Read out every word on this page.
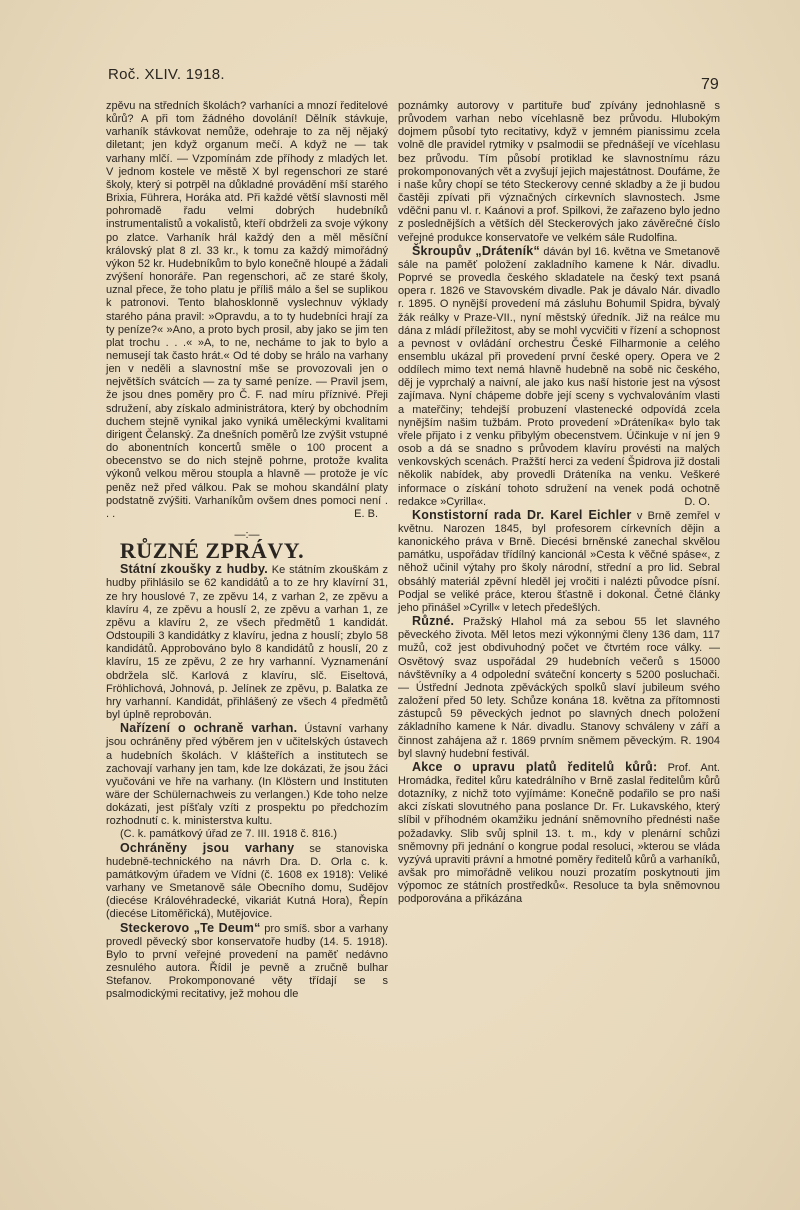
Roč. XLIV. 1918.
79

zpěvu na středních školách? varhaníci a mnozí ředitelové kůrů? A při tom žádného dovolání! Dělník stávkuje, varhaník stávkovat nemůže, odehraje to za něj nějaký diletant; jen když organum mečí. A když ne — tak varhany mlčí. — Vzpomínám zde příhody z mladých let. V jednom kostele ve městě X byl regenschori ze staré školy, který si potrpěl na důkladné provádění mší starého Brixia, Führera, Horáka atd. Při každé větší slavnosti měl pohromadě řadu velmi dobrých hudebníků instrumentalistů a vokalistů, kteří obdrželi za svoje výkony po zlatce. Varhaník hrál každý den a měl měsíční královský plat 8 zl. 33 kr., k tomu za každý mimořádný výkon 52 kr. Hudebníkům to bylo konečně hloupé a žádali zvýšení honoráře. Pan regenschori, ač ze staré školy, uznal přece, že toho platu je příliš málo a šel se suplikou k patronovi. Tento blahosklonně vyslechnuv výklady starého pána pravil: »Opravdu, a to ty hudebníci hrají za ty peníze?« »Ano, a proto bych prosil, aby jako se jim ten plat trochu . . .« »A, to ne, necháme to jak to bylo a nemusejí tak často hrát.« Od té doby se hrálo na varhany jen v neděli a slavnostní mše se provozovali jen o největších svátcích — za ty samé peníze. — Pravil jsem, že jsou dnes poměry pro Č. F. nad míru příznivé. Přeji sdružení, aby získalo administrátora, který by obchodním duchem stejně vynikal jako vyniká uměleckými kvalitami dirigent Čelanský. Za dnešních poměrů lze zvýšit vstupné do abonentních koncertů směle o 100 procent a obecenstvo se do nich stejně pohrne, protože kvalita výkonů velkou měrou stoupla a hlavně — protože je víc peněz než před válkou. Pak se mohou skandální platy podstatně zvýšiti. Varhaníkům ovšem dnes pomoci není . . .	E. B.

—:—
RŮZNÉ ZPRÁVY.

Státní zkoušky z hudby. Ke státním zkouškám z hudby přihlásilo se 62 kandidátů a to ze hry klavírní 31, ze hry houslové 7, ze zpěvu 14, z varhan 2, ze zpěvu a klavíru 4, ze zpěvu a houslí 2, ze zpěvu a varhan 1, ze zpěvu a klavíru 2, ze všech předmětů 1 kandidát. Odstoupili 3 kandidátky z klavíru, jedna z houslí; zbylo 58 kandidátů. Approbováno bylo 8 kandidátů z houslí, 20 z klavíru, 15 ze zpěvu, 2 ze hry varhanní. Vyznamenání obdržela slč. Karlová z klavíru, slč. Eiseltová, Fröhlichová, Johnová, p. Jelínek ze zpěvu, p. Balatka ze hry varhanní. Kandidát, přihlášený ze všech 4 předmětů byl úplně reprobován.

Nařízení o ochraně varhan. Ústavní varhany jsou ochráněny před výběrem jen v učitelských ústavech a hudebních školách. V klášteřích a institutech se zachovají varhany jen tam, kde lze dokázati, že jsou žáci vyučováni ve hře na varhany. (In Klöstern und Instituten wäre der Schülernachweis zu verlangen.) Kde toho nelze dokázati, jest píšťaly vzíti z prospektu po předchozím rozhodnutí c. k. ministerstva kultu.

(C. k. památkový úřad ze 7. III. 1918 č. 816.)

Ochráněny jsou varhany se stanoviska hudebně-technického na návrh Dra. D. Orla c. k. památkovým úřadem ve Vídni (č. 1608 ex 1918): Veliké varhany ve Smetanově sále Obecního domu, Sudějov (diecése Královéhradecké, vikariát Kutná Hora), Řepín (diecése Litoměřická), Mutějovice.

Steckerovo „Te Deum“ pro smíš. sbor a varhany provedl pěvecký sbor konservatoře hudby (14. 5. 1918). Bylo to první veřejné provedení na paměť nedávno zesnulého autora. Řídil je pevně a zručně bulhar Stefanov. Prokomponované věty třídají se s psalmodickými recitativy, jež mohou dle

poznámky autorovy v partituře buď zpívány jednohlasně s průvodem varhan nebo vícehlasně bez průvodu. Hlubokým dojmem působí tyto recitativy, když v jemném pianissimu zcela volně dle pravidel rytmiky v psalmodii se přednášejí ve vícehlasu bez průvodu. Tím působí protiklad ke slavnostnímu rázu prokomponovaných vět a zvyšují jejich majestátnost. Doufáme, že i naše kůry chopí se této Steckerovy cenné skladby a že ji budou častěji zpívati při význačných církevních slavnostech. Jsme vděčni panu vl. r. Kaánovi a prof. Spilkovi, že zařazeno bylo jedno z poslednějších a větších děl Steckerových jako závěrečné číslo veřejné produkce konservatoře ve velkém sále Rudolfina.

Škroupův „Dráteník“ dáván byl 16. května ve Smetanově sále na paměť položení zakladního kamene k Nár. divadlu. Poprvé se provedla českého skladatele na český text psaná opera r. 1826 ve Stavovském divadle. Pak je dávalo Nár. divadlo r. 1895. O nynější provedení má zásluhu Bohumil Spidra, bývalý žák reálky v Praze-VII., nyní městský úředník. Již na reálce mu dána z mládí příležitost, aby se mohl vycvičiti v řízení a schopnost a pevnost v ovládání orchestru České Filharmonie a celého ensemblu ukázal při provedení první české opery. Opera ve 2 oddílech mimo text nemá hlavně hudebně na sobě nic českého, děj je vyprchalý a naivní, ale jako kus naší historie jest na výsost zajímava. Nyní chápeme dobře její sceny s vychvalováním vlasti a mateřčiny; tehdejší probuzení vlastenecké odpovídá zcela nynějším našim tužbám. Proto provedení »Dráteníka« bylo tak vřele přijato i z venku přibylým obecenstvem. Účinkuje v ní jen 9 osob a dá se snadno s průvodem klavíru provésti na malých venkovských scenách. Pražští herci za vedení Špidrova již dostali několik nabídek, aby provedli Dráteníka na venku. Veškeré informace o získání tohoto sdružení na venek podá ochotně redakce »Cyrilla«.	D. O.

Konstistorní rada Dr. Karel Eichler v Brně zemřel v květnu. Narozen 1845, byl profesorem církevních dějin a kanonického práva v Brně. Diecési brněnské zanechal skvělou památku, uspořádav třídílný kancionál »Cesta k věčné spáse«, z něhož učinil výtahy pro školy národní, střední a pro lid. Sebral obsáhlý materiál zpěvní hleděl jej vročiti i nalézti původce písní. Podjal se veliké práce, kterou šťastně i dokonal. Četné články jeho přinášel »Cyrill« v letech předešlých.

Různé. Pražský Hlahol má za sebou 55 let slavného pěveckého života. Měl letos mezi výkonnými členy 136 dam, 117 mužů, což jest obdivuhodný počet ve čtvrtém roce války. — Osvětový svaz uspořádal 29 hudebních večerů s 15000 návštěvníky a 4 odpolední sváteční koncerty s 5200 posluchači. — Ústřední Jednota zpěváckých spolků slaví jubileum svého založení před 50 lety. Schůze konána 18. května za přítomnosti zástupců 59 pěveckých jednot po slavných dnech položení základního kamene k Nár. divadlu. Stanovy schváleny v září a činnost zahájena až r. 1869 prvním sněmem pěveckým. R. 1904 byl slavný hudební festivál.

Akce o upravu platů ředitelů kůrů: Prof. Ant. Hromádka, ředitel kůru katedrálního v Brně zaslal ředitelům kůrů dotazníky, z nichž toto vyjímáme: Konečně podařilo se pro naši akci získati slovutného pana poslance Dr. Fr. Lukavského, který slíbil v příhodném okamžiku jednání sněmovního přednésti naše požadavky. Slib svůj splnil 13. t. m., kdy v plenární schůzi sněmovny při jednání o kongrue podal resoluci, »kterou se vláda vyzývá upraviti právní a hmotné poměry ředitelů kůrů a varhaníků, avšak pro mimořádně velikou nouzi prozatím poskytnouti jim výpomoc ze státních prostředků«. Resoluce ta byla sněmovnou podporována a přikázána
